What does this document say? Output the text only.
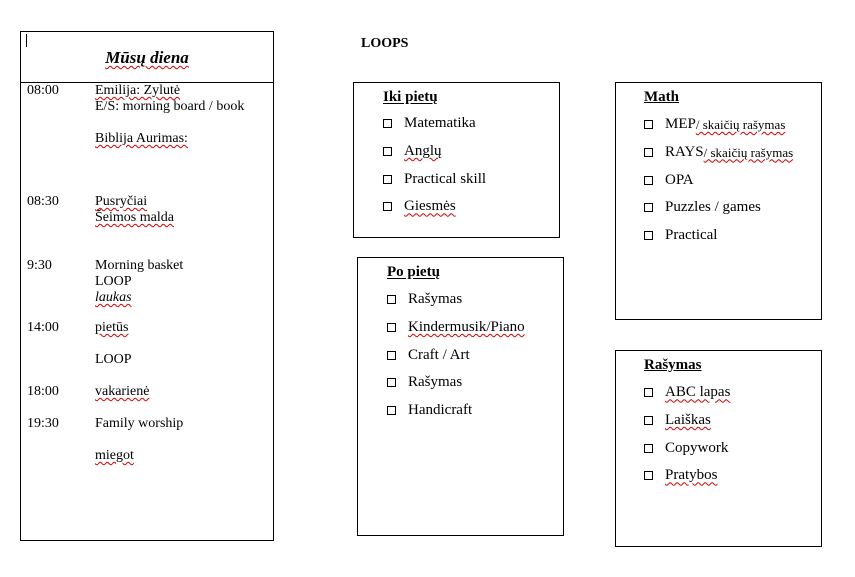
Mūsų diena
08:00	Emilija: Zylutė
E/S: morning board / book
Biblija Aurimas:
08:30	Pusryčiai
Šeimos malda
9:30	Morning basket
LOOP
laukas
14:00	pietūs
LOOP
18:00	vakarienė
19:30	Family worship
miegot
LOOPS
Iki pietų
Matematika
Anglų
Practical skill
Giesmės
Po pietų
Rašymas
Kindermusik/Piano
Craft / Art
Rašymas
Handicraft
Math
MEP / skaičių rašymas
RAYS / skaičių rašymas
OPA
Puzzles / games
Practical
Rašymas
ABC lapas
Laiškas
Copywork
Pratybos
